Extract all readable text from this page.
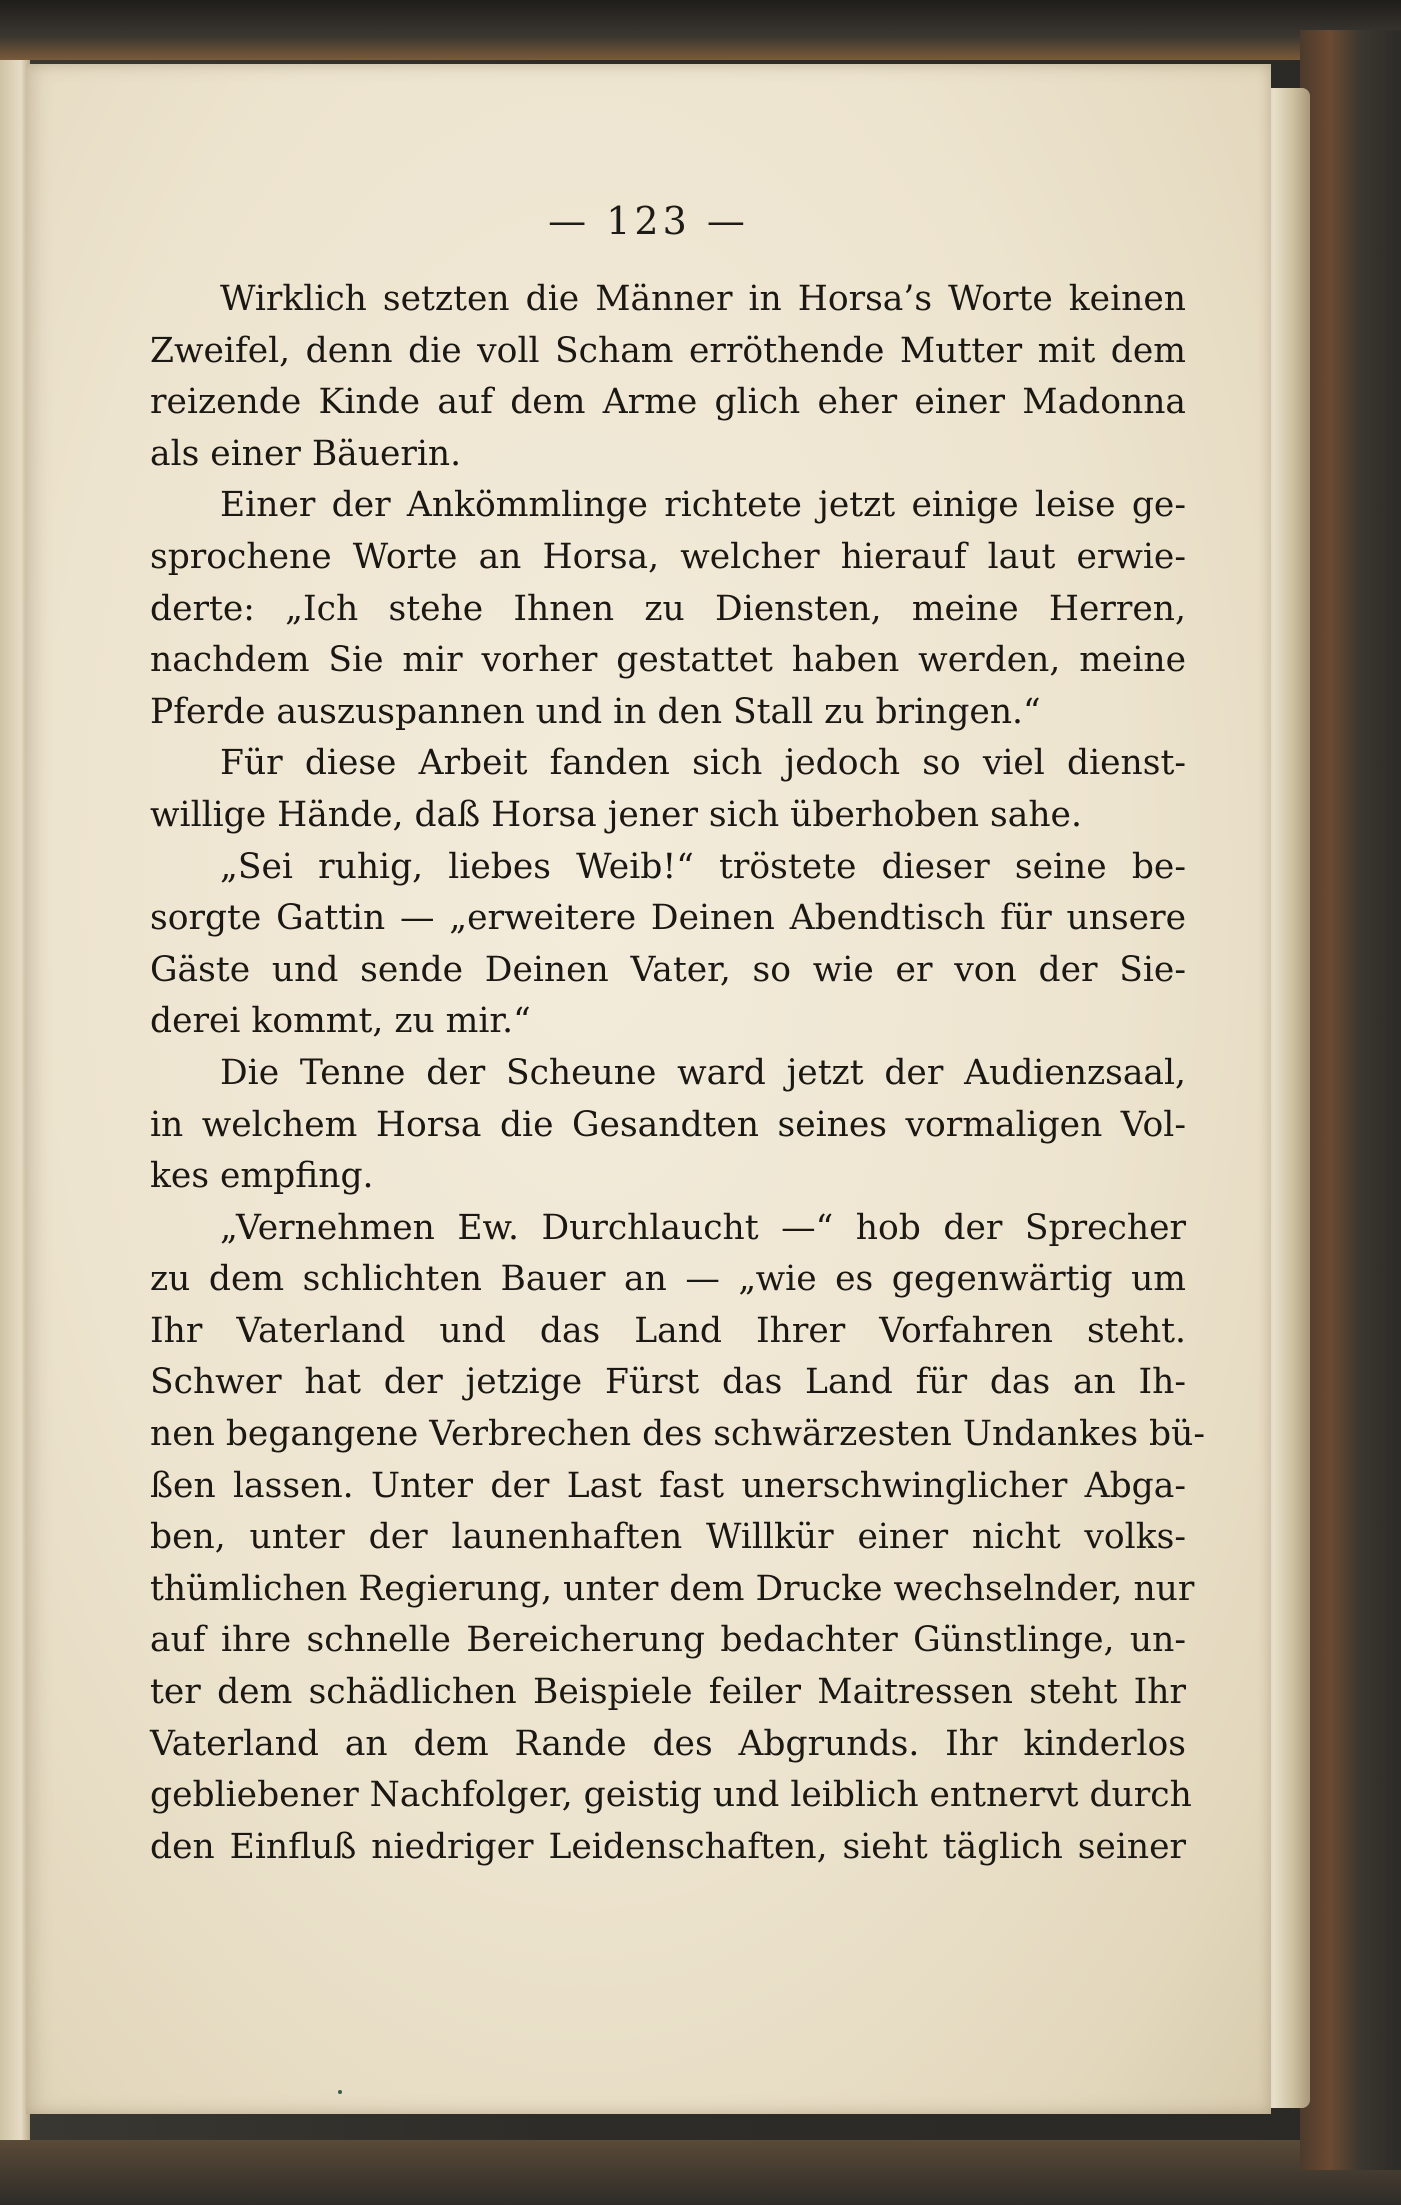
— 123 —
Wirklich setzten die Männer in Horsa’s Worte keinen
Zweifel, denn die voll Scham erröthende Mutter mit dem
reizende Kinde auf dem Arme glich eher einer Madonna
als einer Bäuerin.
Einer der Ankömmlinge richtete jetzt einige leise ge-
sprochene Worte an Horsa, welcher hierauf laut erwie-
derte: „Ich stehe Ihnen zu Diensten, meine Herren,
nachdem Sie mir vorher gestattet haben werden, meine
Pferde auszuspannen und in den Stall zu bringen.“
Für diese Arbeit fanden sich jedoch so viel dienst-
willige Hände, daß Horsa jener sich überhoben sahe.
„Sei ruhig, liebes Weib!“ tröstete dieser seine be-
sorgte Gattin — „erweitere Deinen Abendtisch für unsere
Gäste und sende Deinen Vater, so wie er von der Sie-
derei kommt, zu mir.“
Die Tenne der Scheune ward jetzt der Audienzsaal,
in welchem Horsa die Gesandten seines vormaligen Vol-
kes empfing.
„Vernehmen Ew. Durchlaucht —“ hob der Sprecher
zu dem schlichten Bauer an — „wie es gegenwärtig um
Ihr Vaterland und das Land Ihrer Vorfahren steht.
Schwer hat der jetzige Fürst das Land für das an Ih-
nen begangene Verbrechen des schwärzesten Undankes bü-
ßen lassen. Unter der Last fast unerschwinglicher Abga-
ben, unter der launenhaften Willkür einer nicht volks-
thümlichen Regierung, unter dem Drucke wechselnder, nur
auf ihre schnelle Bereicherung bedachter Günstlinge, un-
ter dem schädlichen Beispiele feiler Maitressen steht Ihr
Vaterland an dem Rande des Abgrunds. Ihr kinderlos
gebliebener Nachfolger, geistig und leiblich entnervt durch
den Einfluß niedriger Leidenschaften, sieht täglich seiner
